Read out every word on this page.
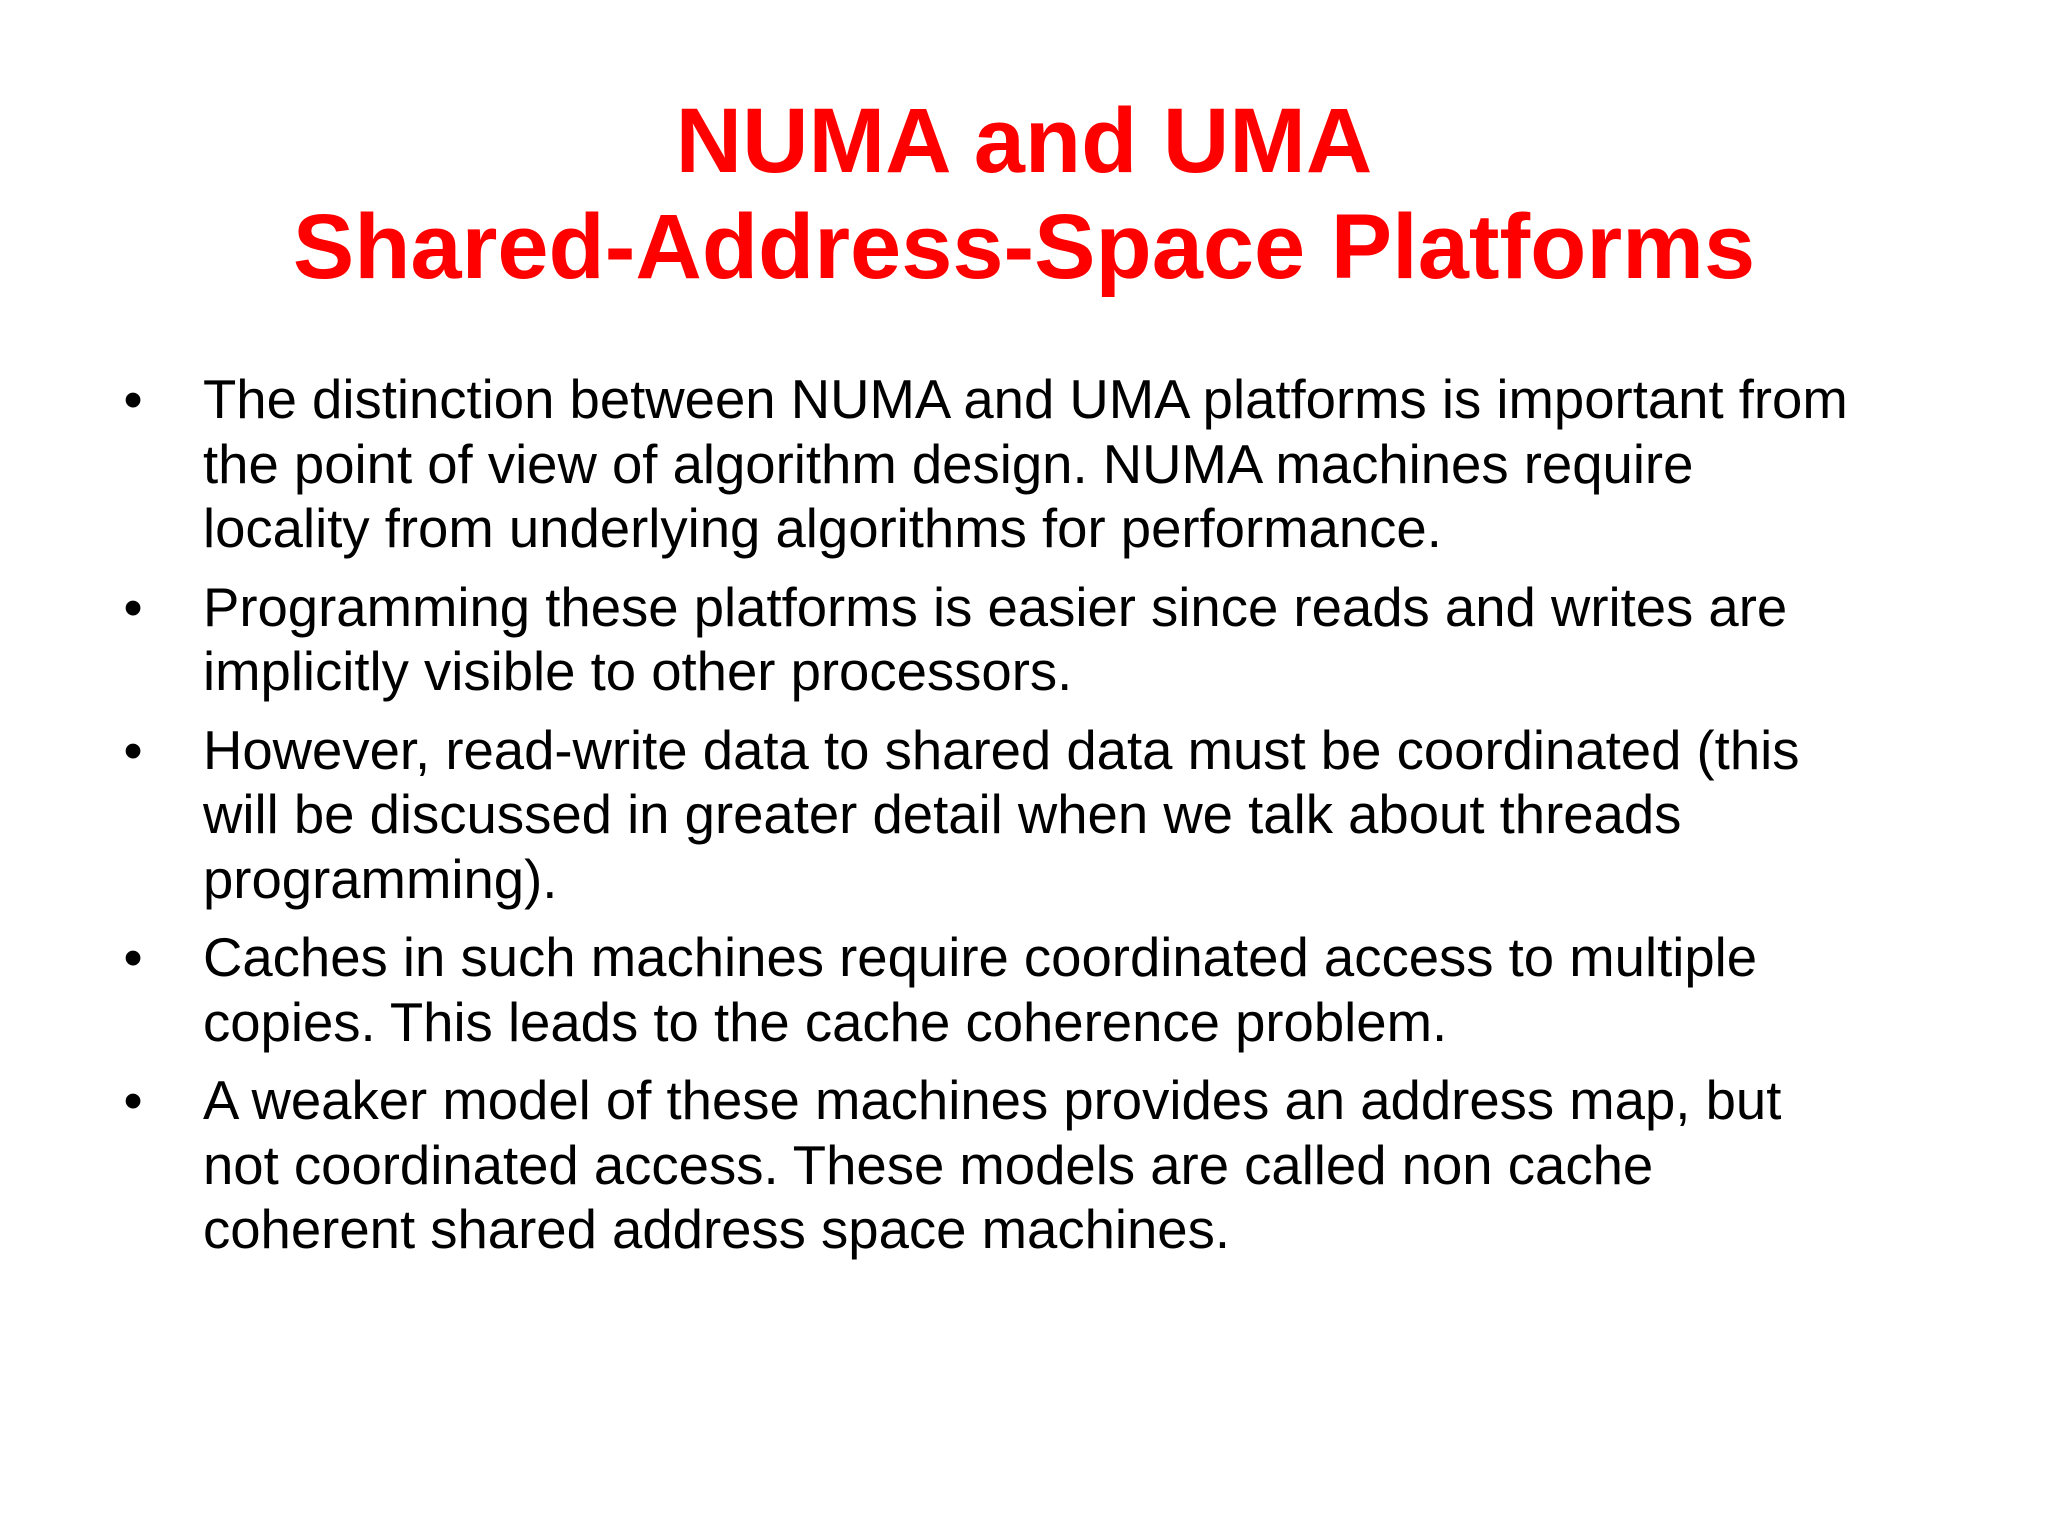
NUMA and UMA
Shared-Address-Space Platforms
• The distinction between NUMA and UMA platforms is important from
the point of view of algorithm design. NUMA machines require
locality from underlying algorithms for performance.
• Programming these platforms is easier since reads and writes are
implicitly visible to other processors.
• However, read-write data to shared data must be coordinated (this
will be discussed in greater detail when we talk about threads
programming).
• Caches in such machines require coordinated access to multiple
copies. This leads to the cache coherence problem.
• A weaker model of these machines provides an address map, but
not coordinated access. These models are called non cache
coherent shared address space machines.
